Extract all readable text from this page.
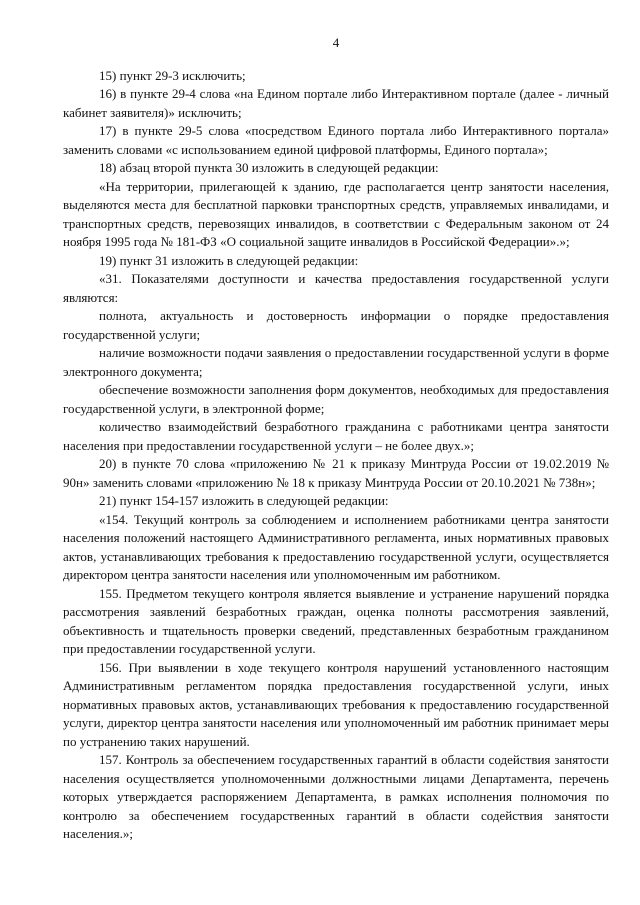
4

15) пункт 29-3 исключить;

16) в пункте 29-4 слова «на Едином портале либо Интерактивном портале (далее - личный кабинет заявителя)» исключить;

17) в пункте 29-5 слова «посредством Единого портала либо Интерактивного портала» заменить словами «с использованием единой цифровой платформы, Единого портала»;

18) абзац второй пункта 30 изложить в следующей редакции:

«На территории, прилегающей к зданию, где располагается центр занятости населения, выделяются места для бесплатной парковки транспортных средств, управляемых инвалидами, и транспортных средств, перевозящих инвалидов, в соответствии с Федеральным законом от 24 ноября 1995 года № 181-ФЗ «О социальной защите инвалидов в Российской Федерации».»;

19) пункт 31 изложить в следующей редакции:

«31. Показателями доступности и качества предоставления государственной услуги являются:

полнота, актуальность и достоверность информации о порядке предоставления государственной услуги;

наличие возможности подачи заявления о предоставлении государственной услуги в форме электронного документа;

обеспечение возможности заполнения форм документов, необходимых для предоставления государственной услуги, в электронной форме;

количество взаимодействий безработного гражданина с работниками центра занятости населения при предоставлении государственной услуги – не более двух.»;

20) в пункте 70 слова «приложению № 21 к приказу Минтруда России от 19.02.2019 № 90н» заменить словами «приложению № 18 к приказу Минтруда России от 20.10.2021 № 738н»;

21) пункт 154-157 изложить в следующей редакции:

«154. Текущий контроль за соблюдением и исполнением работниками центра занятости населения положений настоящего Административного регламента, иных нормативных правовых актов, устанавливающих требования к предоставлению государственной услуги, осуществляется директором центра занятости населения или уполномоченным им работником.

155. Предметом текущего контроля является выявление и устранение нарушений порядка рассмотрения заявлений безработных граждан, оценка полноты рассмотрения заявлений, объективность и тщательность проверки сведений, представленных безработным гражданином при предоставлении государственной услуги.

156. При выявлении в ходе текущего контроля нарушений установленного настоящим Административным регламентом порядка предоставления государственной услуги, иных нормативных правовых актов, устанавливающих требования к предоставлению государственной услуги, директор центра занятости населения или уполномоченный им работник принимает меры по устранению таких нарушений.

157. Контроль за обеспечением государственных гарантий в области содействия занятости населения осуществляется уполномоченными должностными лицами Департамента, перечень которых утверждается распоряжением Департамента, в рамках исполнения полномочия по контролю за обеспечением государственных гарантий в области содействия занятости населения.»;
